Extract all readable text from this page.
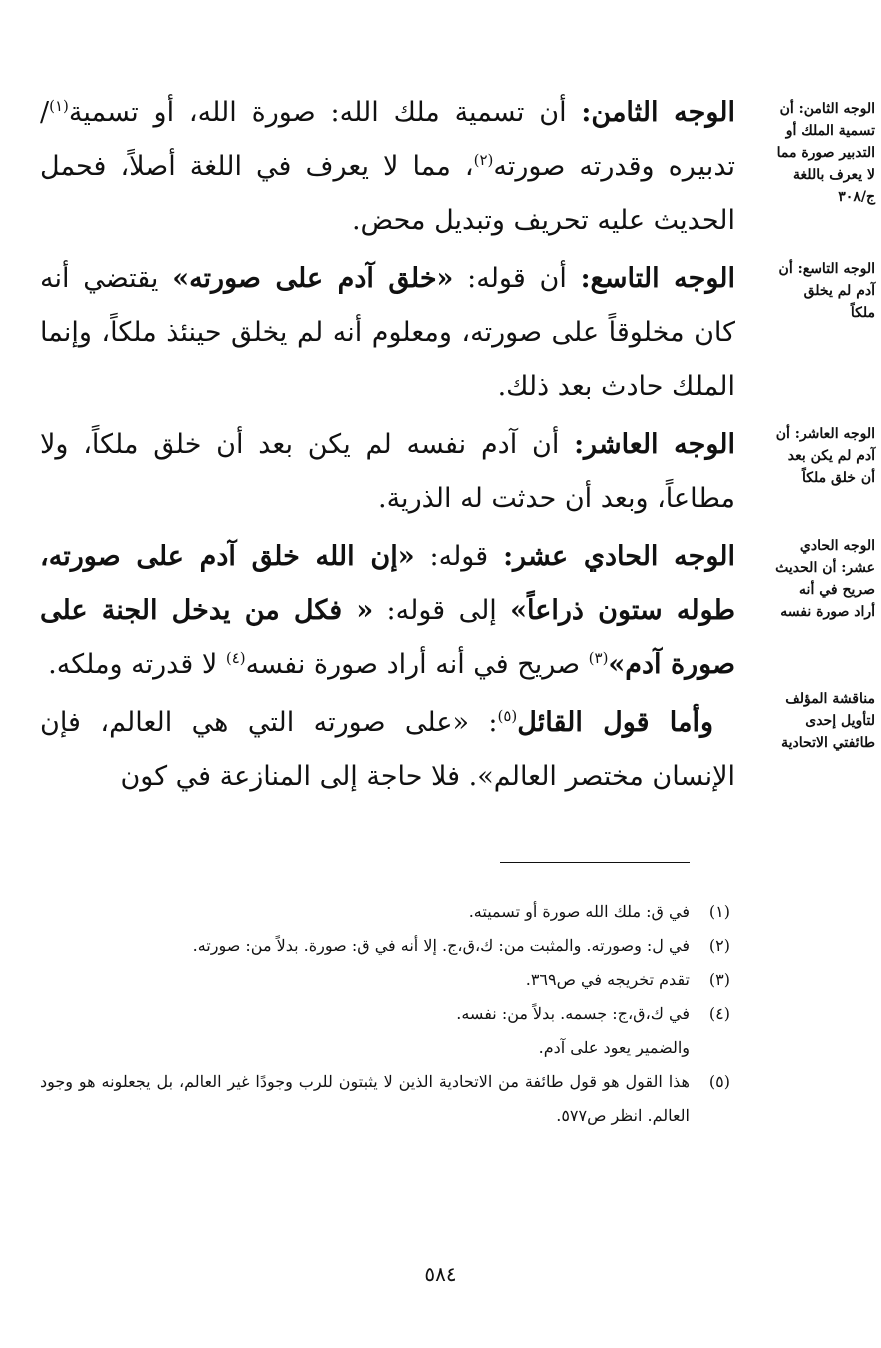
الوجه الثامن: أن تسمية ملك الله: صورة الله، أو تسمية$^{(١)}$/ تدبيره وقدرته صورته$^{(٢)}$، مما لا يعرف في اللغة أصلاً، فحمل الحديث عليه تحريف وتبديل محض.

الوجه التاسع: أن قوله: «خلق آدم على صورته» يقتضي أنه كان مخلوقاً على صورته، ومعلوم أنه لم يخلق حينئذ ملكاً، وإنما الملك حادث بعد ذلك.

الوجه العاشر: أن آدم نفسه لم يكن بعد أن خلق ملكاً، ولا مطاعاً، وبعد أن حدثت له الذرية.

الوجه الحادي عشر: قوله: «إن الله خلق آدم على صورته، طوله ستون ذراعاً» إلى قوله: « فكل من يدخل الجنة على صورة آدم»$^{(٣)}$ صريح في أنه أراد صورة نفسه$^{(٤)}$ لا قدرته وملكه.

وأما قول القائل$^{(٥)}$: «على صورته التي هي العالم، فإن الإنسان مختصر العالم». فلا حاجة إلى المنازعة في كون

الوجه الثامن: أن تسمية الملك أو التدبير صورة مما لا يعرف باللغة ج/٣٠٨
الوجه التاسع: أن آدم لم يخلق ملكاً
الوجه العاشر: أن آدم لم يكن بعد أن خلق ملكاً
الوجه الحادي عشر: أن الحديث صريح في أنه أراد صورة نفسه
مناقشة المؤلف لتأويل إحدى طائفتي الاتحادية
(١)
في ق: ملك الله صورة أو تسميته.
(٢)
في ل: وصورته. والمثبت من: ك،ق،ج. إلا أنه في ق: صورة. بدلاً من: صورته.
(٣)
تقدم تخريجه في ص٣٦٩.
(٤)
في ك،ق،ج: جسمه. بدلاً من: نفسه.
والضمير يعود على آدم.
(٥)
هذا القول هو قول طائفة من الاتحادية الذين لا يثبتون للرب وجودًا غير العالم، بل يجعلونه هو وجود العالم. انظر ص٥٧٧.
٥٨٤
